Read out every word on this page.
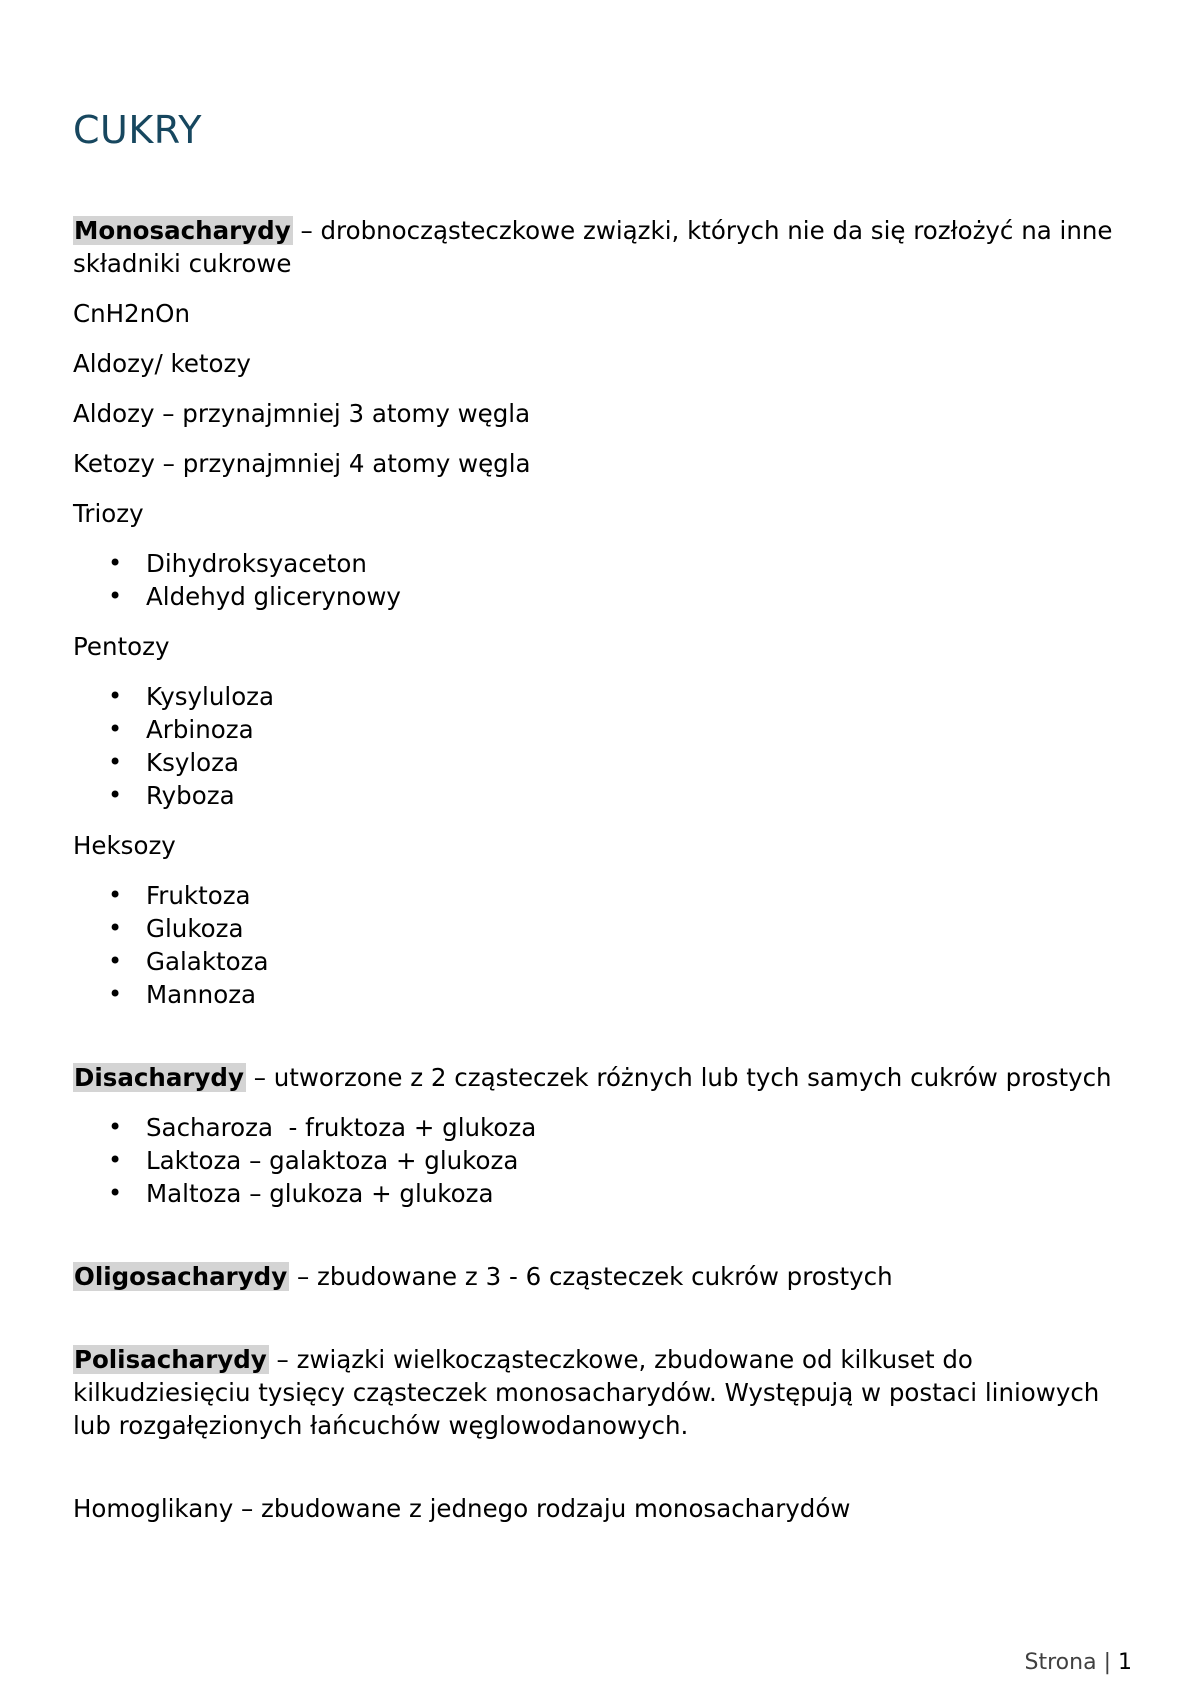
CUKRY

Monosacharydy – drobnocząsteczkowe związki, których nie da się rozłożyć na inne składniki cukrowe

CnH2nOn

Aldozy/ ketozy

Aldozy – przynajmniej 3 atomy węgla

Ketozy – przynajmniej 4 atomy węgla

Triozy

• Dihydroksyaceton
• Aldehyd glicerynowy

Pentozy

• Kysyluloza
• Arbinoza
• Ksyloza
• Ryboza

Heksozy

• Fruktoza
• Glukoza
• Galaktoza
• Mannoza

Disacharydy – utworzone z 2 cząsteczek różnych lub tych samych cukrów prostych

• Sacharoza  - fruktoza + glukoza
• Laktoza – galaktoza + glukoza
• Maltoza – glukoza + glukoza

Oligosacharydy – zbudowane z 3 - 6 cząsteczek cukrów prostych

Polisacharydy – związki wielkocząsteczkowe, zbudowane od kilkuset do kilkudziesięciu tysięcy cząsteczek monosacharydów. Występują w postaci liniowych lub rozgałęzionych łańcuchów węglowodanowych.

Homoglikany – zbudowane z jednego rodzaju monosacharydów

Strona | 1
